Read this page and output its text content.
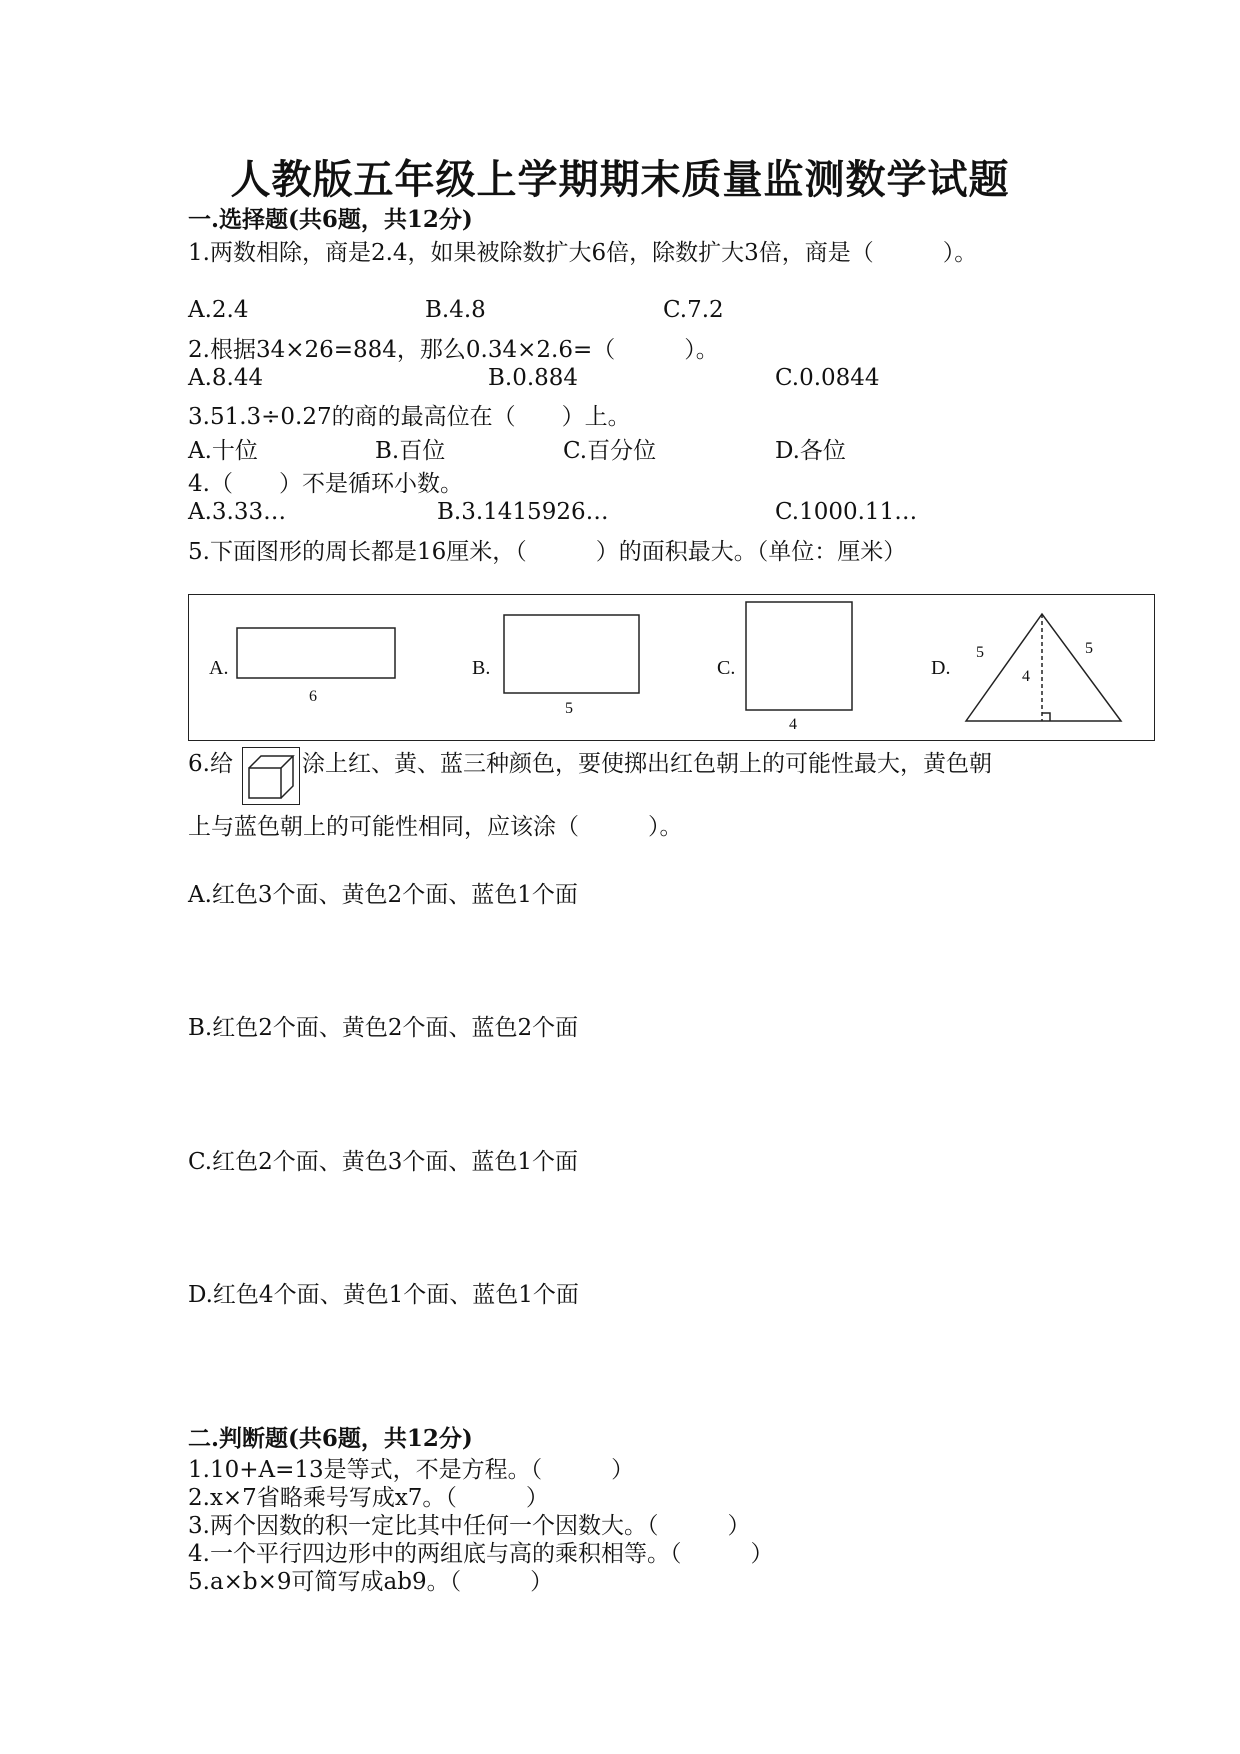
人教版五年级上学期期末质量监测数学试题
一.选择题(共6题，共12分)
1.两数相除，商是2.4，如果被除数扩大6倍，除数扩大3倍，商是（　　　）。
A.2.4	B.4.8	C.7.2
2.根据34×26=884，那么0.34×2.6=（　　　）。
A.8.44	B.0.884	C.0.0844
3.51.3÷0.27的商的最高位在（　　）上。
A.十位	B.百位	C.百分位	D.各位
4.（　　）不是循环小数。
A.3.33…	B.3.1415926…	C.1000.11…
5.下面图形的周长都是16厘米，（　　　）的面积最大。（单位：厘米）
A.	B.	C.	D.
6
5
4
5	5
4
6.给	涂上红、黄、蓝三种颜色，要使掷出红色朝上的可能性最大，黄色朝
上与蓝色朝上的可能性相同，应该涂（　　　）。
A.红色3个面、黄色2个面、蓝色1个面
B.红色2个面、黄色2个面、蓝色2个面
C.红色2个面、黄色3个面、蓝色1个面
D.红色4个面、黄色1个面、蓝色1个面
二.判断题(共6题，共12分)
1.10+A=13是等式，不是方程。（　　　）
2.x×7省略乘号写成x7。（　　　）
3.两个因数的积一定比其中任何一个因数大。（　　　）
4.一个平行四边形中的两组底与高的乘积相等。（　　　）
5.a×b×9可简写成ab9。（　　　）
